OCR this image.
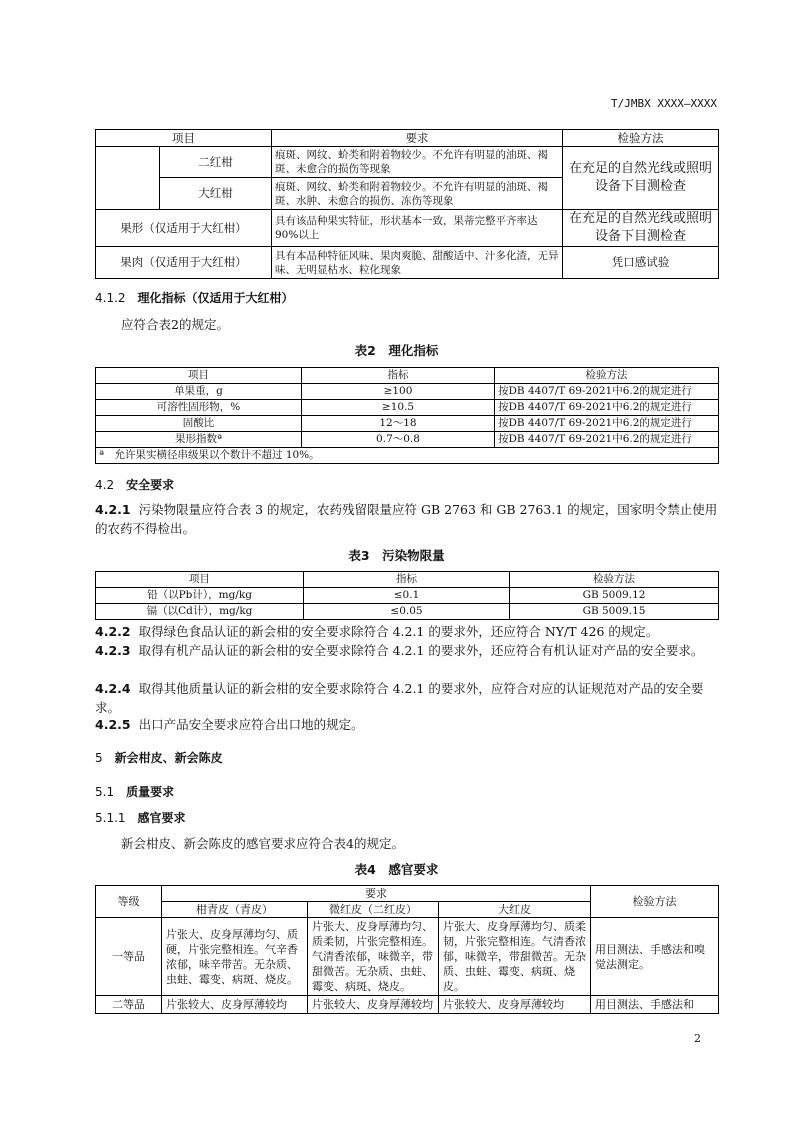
T/JMBX XXXX—XXXX
项目		要求	检验方法
	二红柑	痕斑、网纹、蚧类和附着物较少。不允许有明显的油斑、褐斑、未愈合的损伤等现象	在充足的自然光线或照明设备下目测检查
	大红柑	痕斑、网纹、蚧类和附着物较少。不允许有明显的油斑、褐斑、水肿、未愈合的损伤、冻伤等现象	
果形（仅适用于大红柑）		具有该品种果实特征，形状基本一致，果蒂完整平齐率达 90%以上	在充足的自然光线或照明设备下目测检查
果肉（仅适用于大红柑）		具有本品种特征风味、果肉爽脆、甜酸适中、汁多化渣，无异味、无明显枯水、粒化现象	凭口感试验
4.1.2 理化指标（仅适用于大红柑）
应符合表2的规定。
表2　理化指标
项目	指标	检验方法
单果重，g	≥100	按DB 4407/T 69-2021中6.2的规定进行
可溶性固形物，%	≥10.5	按DB 4407/T 69-2021中6.2的规定进行
固酸比	12～18	按DB 4407/T 69-2021中6.2的规定进行
果形指数ª	0.7～0.8	按DB 4407/T 69-2021中6.2的规定进行
ª　允许果实横径串级果以个数计不超过 10%。		
4.2 安全要求
4.2.1 污染物限量应符合表 3 的规定，农药残留限量应符 GB 2763 和 GB 2763.1 的规定，国家明令禁止使用的农药不得检出。
表3　污染物限量
项目	指标	检验方法
铅（以Pb计），mg/kg	≤0.1	GB 5009.12
镉（以Cd计），mg/kg	≤0.05	GB 5009.15
4.2.2 取得绿色食品认证的新会柑的安全要求除符合 4.2.1 的要求外，还应符合 NY/T 426 的规定。
4.2.3 取得有机产品认证的新会柑的安全要求除符合 4.2.1 的要求外，还应符合有机认证对产品的安全要求。
4.2.4 取得其他质量认证的新会柑的安全要求除符合 4.2.1 的要求外，应符合对应的认证规范对产品的安全要求。
4.2.5 出口产品安全要求应符合出口地的规定。
5 新会柑皮、新会陈皮
5.1 质量要求
5.1.1 感官要求
新会柑皮、新会陈皮的感官要求应符合表4的规定。
表4　感官要求
等级	要求			检验方法
	柑青皮（青皮）	微红皮（二红皮）	大红皮	
一等品	片张大、皮身厚薄均匀、质硬，片张完整相连。气辛香浓郁，味辛带苦。无杂质、虫蛀、霉变、病斑、烧皮。	片张大、皮身厚薄均匀、质柔韧，片张完整相连。气清香浓郁，味微辛，带甜微苦。无杂质、虫蛀、霉变、病斑、烧皮。	片张大、皮身厚薄均匀、质柔韧，片张完整相连。气清香浓郁，味微辛，带甜微苦。无杂质、虫蛀、霉变、病斑、烧皮。	用目测法、手感法和嗅觉法测定。
二等品	片张较大、皮身厚薄较均	片张较大、皮身厚薄较均	片张较大、皮身厚薄较均	用目测法、手感法和
2
